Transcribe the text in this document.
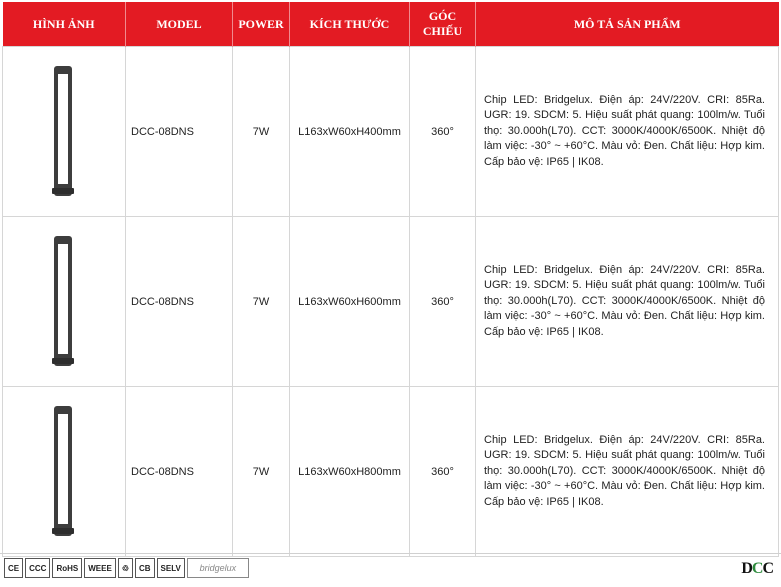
HÌNH ẢNH	MODEL	POWER	KÍCH THƯỚC	GÓC CHIẾU	MÔ TẢ SẢN PHẨM

	DCC-08DNS	7W	L163xW60xH400mm	360°	Chip LED: Bridgelux. Điện áp: 24V/220V. CRI: 85Ra. UGR: 19. SDCM: 5. Hiệu suất phát quang: 100lm/w. Tuổi thọ: 30.000h(L70). CCT: 3000K/4000K/6500K. Nhiệt độ làm việc: -30° ~ +60°C. Màu vỏ: Đen. Chất liệu: Hợp kim. Cấp bảo vệ: IP65 | IK08.

	DCC-08DNS	7W	L163xW60xH600mm	360°	Chip LED: Bridgelux. Điện áp: 24V/220V. CRI: 85Ra. UGR: 19. SDCM: 5. Hiệu suất phát quang: 100lm/w. Tuổi thọ: 30.000h(L70). CCT: 3000K/4000K/6500K. Nhiệt độ làm việc: -30° ~ +60°C. Màu vỏ: Đen. Chất liệu: Hợp kim. Cấp bảo vệ: IP65 | IK08.

	DCC-08DNS	7W	L163xW60xH800mm	360°	Chip LED: Bridgelux. Điện áp: 24V/220V. CRI: 85Ra. UGR: 19. SDCM: 5. Hiệu suất phát quang: 100lm/w. Tuổi thọ: 30.000h(L70). CCT: 3000K/4000K/6500K. Nhiệt độ làm việc: -30° ~ +60°C. Màu vỏ: Đen. Chất liệu: Hợp kim. Cấp bảo vệ: IP65 | IK08.
CE	CCC	RoHS	WEEE	♲	CB	SELV	bridgelux	DCC
